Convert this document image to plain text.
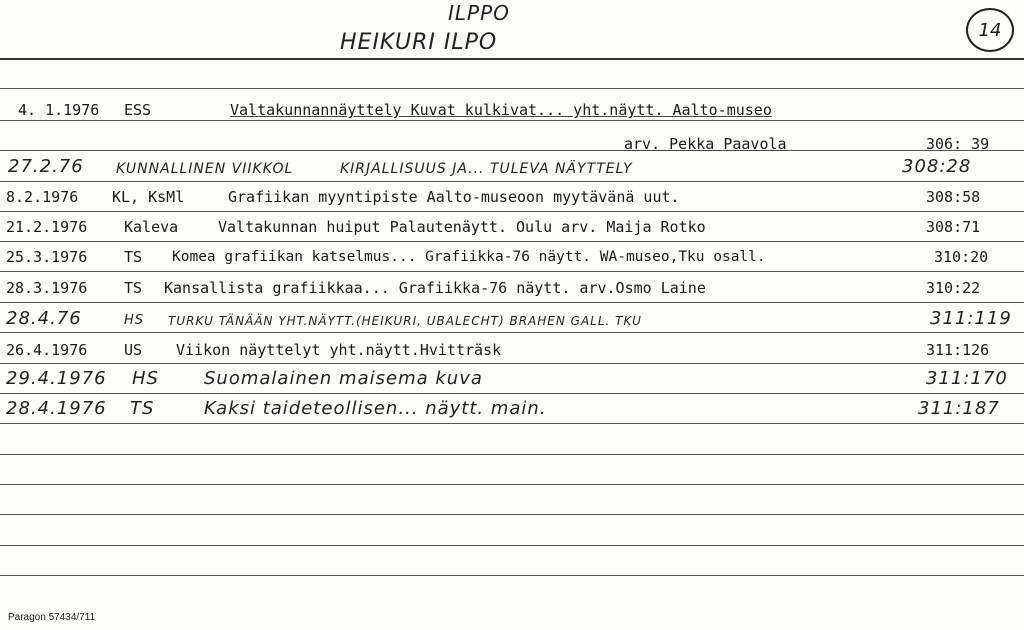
ILPPO
HEIKURI ILPO	14
4. 1.1976 ESS	Valtakunnannäyttely Kuvat kulkivat... yht.näytt. Aalto-museo
arv. Pekka Paavola	306: 39
27.2.76 KUNNALLINEN VIIKKOL	KIRJALLISUUS JA... TULEVA NÄYTTELY	308:28
8.2.1976 KL, KsMl	Grafiikan myyntipiste Aalto-museoon myytävänä uut.	308:58
21.2.1976 Kaleva	Valtakunnan huiput Palautenäytt. Oulu arv. Maija Rotko	308:71
25.3.1976 TS Komea grafiikan katselmus... Grafiikka-76 näytt. WA-museo,Tku osall.	310:20
28.3.1976 TS Kansallista grafiikkaa... Grafiikka-76 näytt. arv.Osmo Laine	310:22
28.4.76	HS TURKU TÄNÄÄN YHT.NÄYTT.(HEIKURI, UBALECHT) BRAHEN GALL. TKU	311:119
26.4.1976 US Viikon näyttelyt yht.näytt.Hvitträsk	311:126
29.4.1976 HS	Suomalainen maisema kuva	311:170
28.4.1976 TS	Kaksi taideteollisen... näytt. main.	311:187
Paragon 57434/711
